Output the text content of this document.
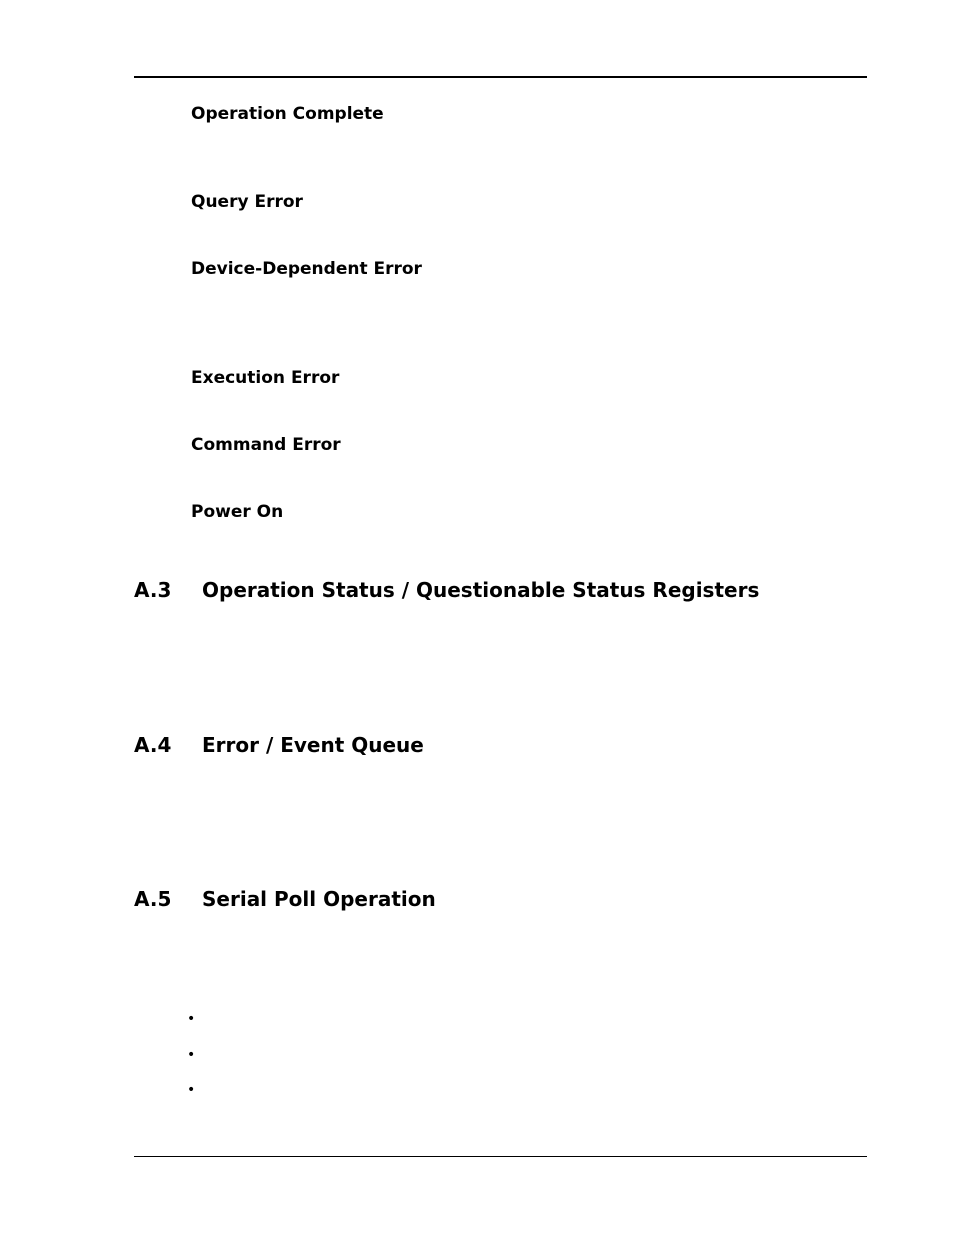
Operation Complete
Query Error
Device-Dependent Error
Execution Error
Command Error
Power On
A.3 Operation Status / Questionable Status Registers
A.4 Error / Event Queue
A.5 Serial Poll Operation
•
•
•
